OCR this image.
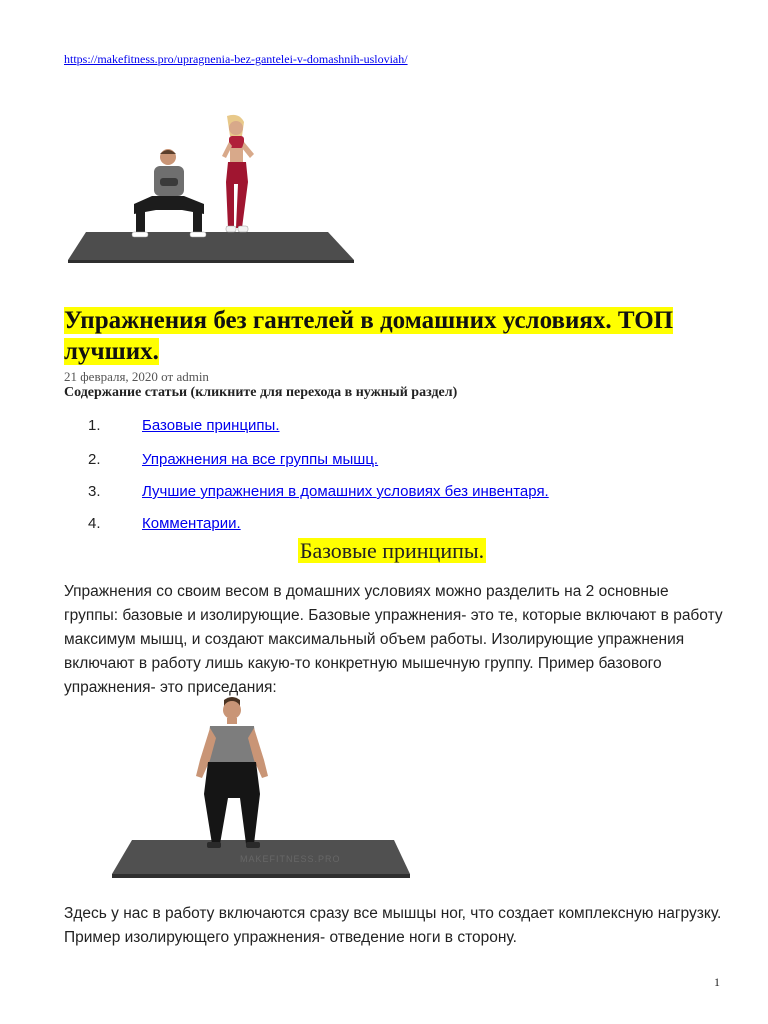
https://makefitness.pro/upragnenia-bez-gantelei-v-domashnih-usloviah/
Упражнения без гантелей в домашних условиях. ТОП лучших.
21 февраля, 2020 от admin
Содержание статьи (кликните для перехода в нужный раздел)
1.	Базовые принципы.
2.	Упражнения на все группы мышц.
3.	Лучшие упражнения в домашних условиях без инвентаря.
4.	Комментарии.
Базовые принципы.

Упражнения со своим весом в домашних условиях можно разделить на 2 основные группы: базовые и изолирующие. Базовые упражнения- это те, которые включают в работу максимум мышц, и создают максимальный объем работы. Изолирующие упражнения включают в работу лишь какую-то конкретную мышечную группу. Пример базового упражнения- это приседания:

MAKEFITNESS.PRO

Здесь у нас в работу включаются сразу все мышцы ног, что создает комплексную нагрузку. Пример изолирующего упражнения- отведение ноги в сторону.

1
